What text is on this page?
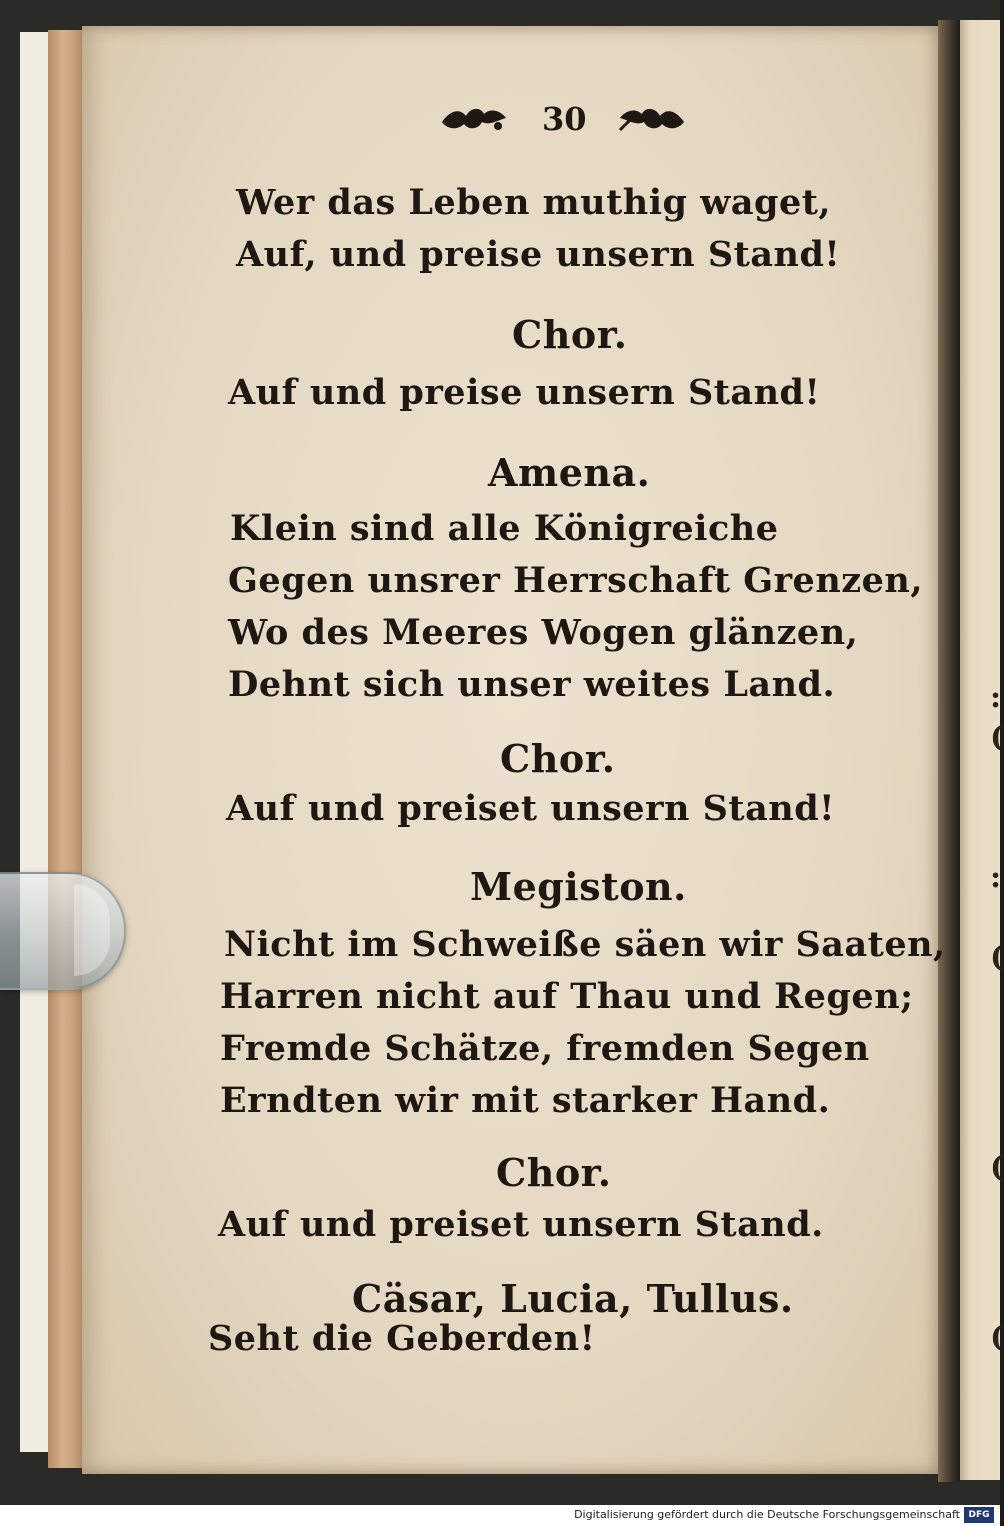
:
(
:
(
(
(
30
Wer das Leben muthig waget,
Auf, und preise unsern Stand!
Chor.
Auf und preise unsern Stand!
Amena.
Klein sind alle Königreiche
Gegen unsrer Herrschaft Grenzen,
Wo des Meeres Wogen glänzen,
Dehnt sich unser weites Land.
Chor.
Auf und preiset unsern Stand!
Megiston.
Nicht im Schweiße säen wir Saaten,
Harren nicht auf Thau und Regen;
Fremde Schätze, fremden Segen
Erndten wir mit starker Hand.
Chor.
Auf und preiset unsern Stand.
Cäsar, Lucia, Tullus.
Seht die Geberden!
Digitalisierung gefördert durch die Deutsche Forschungsgemeinschaft DFG
